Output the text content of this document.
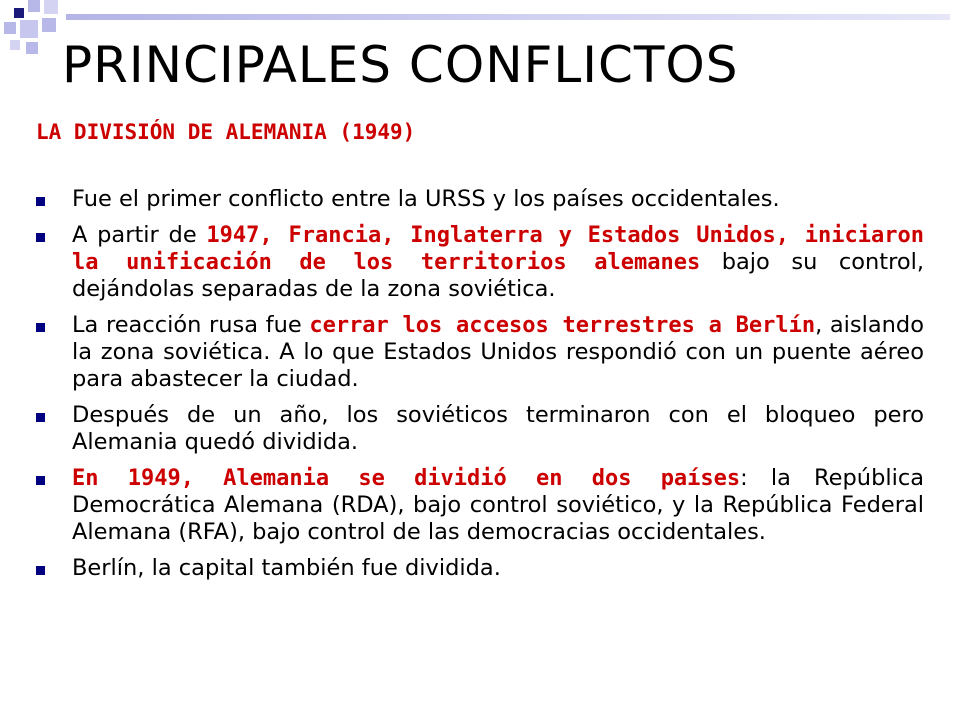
PRINCIPALES CONFLICTOS
LA DIVISIÓN DE ALEMANIA (1949)
Fue el primer conflicto entre la URSS y los países occidentales.
A partir de 1947, Francia, Inglaterra y Estados Unidos, iniciaron la unificación de los territorios alemanes bajo su control, dejándolas separadas de la zona soviética.
La reacción rusa fue cerrar los accesos terrestres a Berlín, aislando la zona soviética. A lo que Estados Unidos respondió con un puente aéreo para abastecer la ciudad.
Después de un año, los soviéticos terminaron con el bloqueo pero Alemania quedó dividida.
En 1949, Alemania se dividió en dos países: la República Democrática Alemana (RDA), bajo control soviético, y la República Federal Alemana (RFA), bajo control de las democracias occidentales.
Berlín, la capital también fue dividida.
